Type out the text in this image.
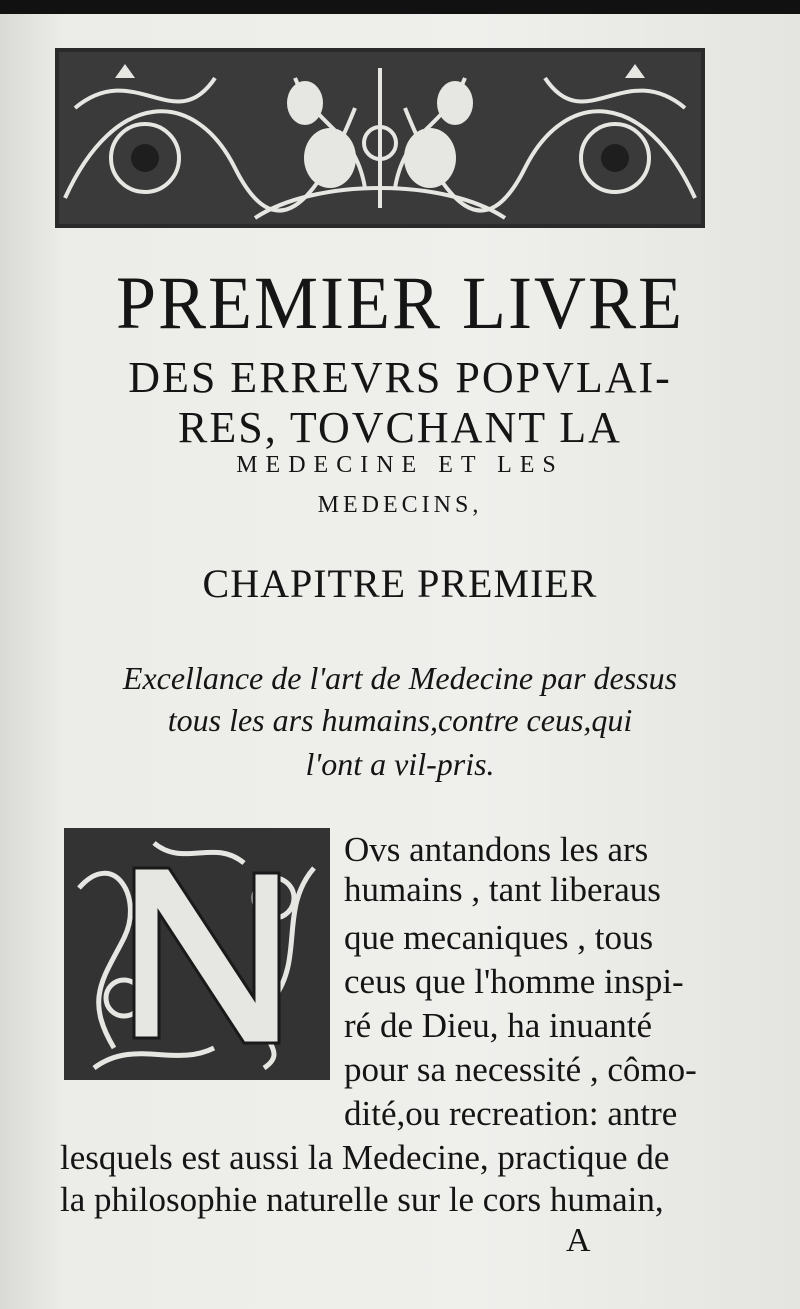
PREMIER LIVRE
DES ERREVRS POPVLAI-
RES, TOVCHANT LA
MEDECINE ET LES
MEDECINS,
CHAPITRE PREMIER
Excellance de l'art de Medecine par dessus
tous les ars humains,contre ceus,qui
l'ont a vil-pris.
Ovs antandons les ars
humains , tant liberaus
que mecaniques , tous
ceus que l'homme inspi-
ré de Dieu, ha inuanté
pour sa necessité , cômo-
dité,ou recreation: antre
lesquels est aussi la Medecine, practique de
la philosophie naturelle sur le cors humain,
A
